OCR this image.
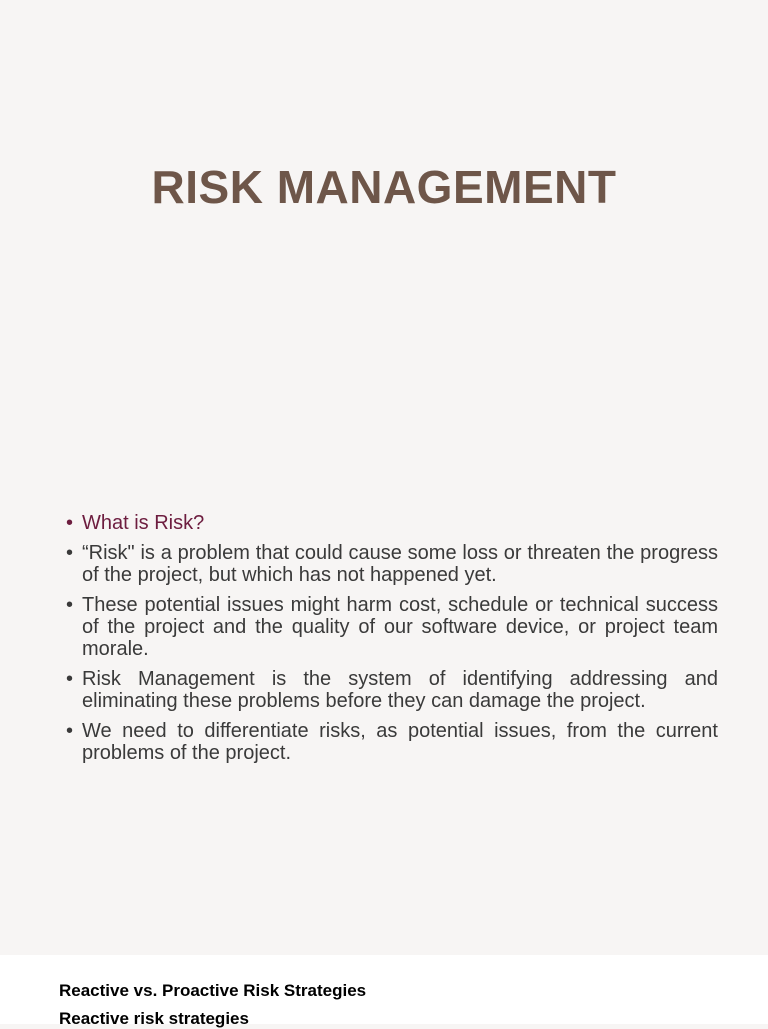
RISK MANAGEMENT
• What is Risk?
• “Risk" is a problem that could cause some loss or threaten the progress of the project, but which has not happened yet.
• These potential issues might harm cost, schedule or technical success of the project and the quality of our software device, or project team morale.
• Risk Management is the system of identifying addressing and eliminating these problems before they can damage the project.
• We need to differentiate risks, as potential issues, from the current problems of the project.
Reactive vs. Proactive Risk Strategies
Reactive risk strategies
